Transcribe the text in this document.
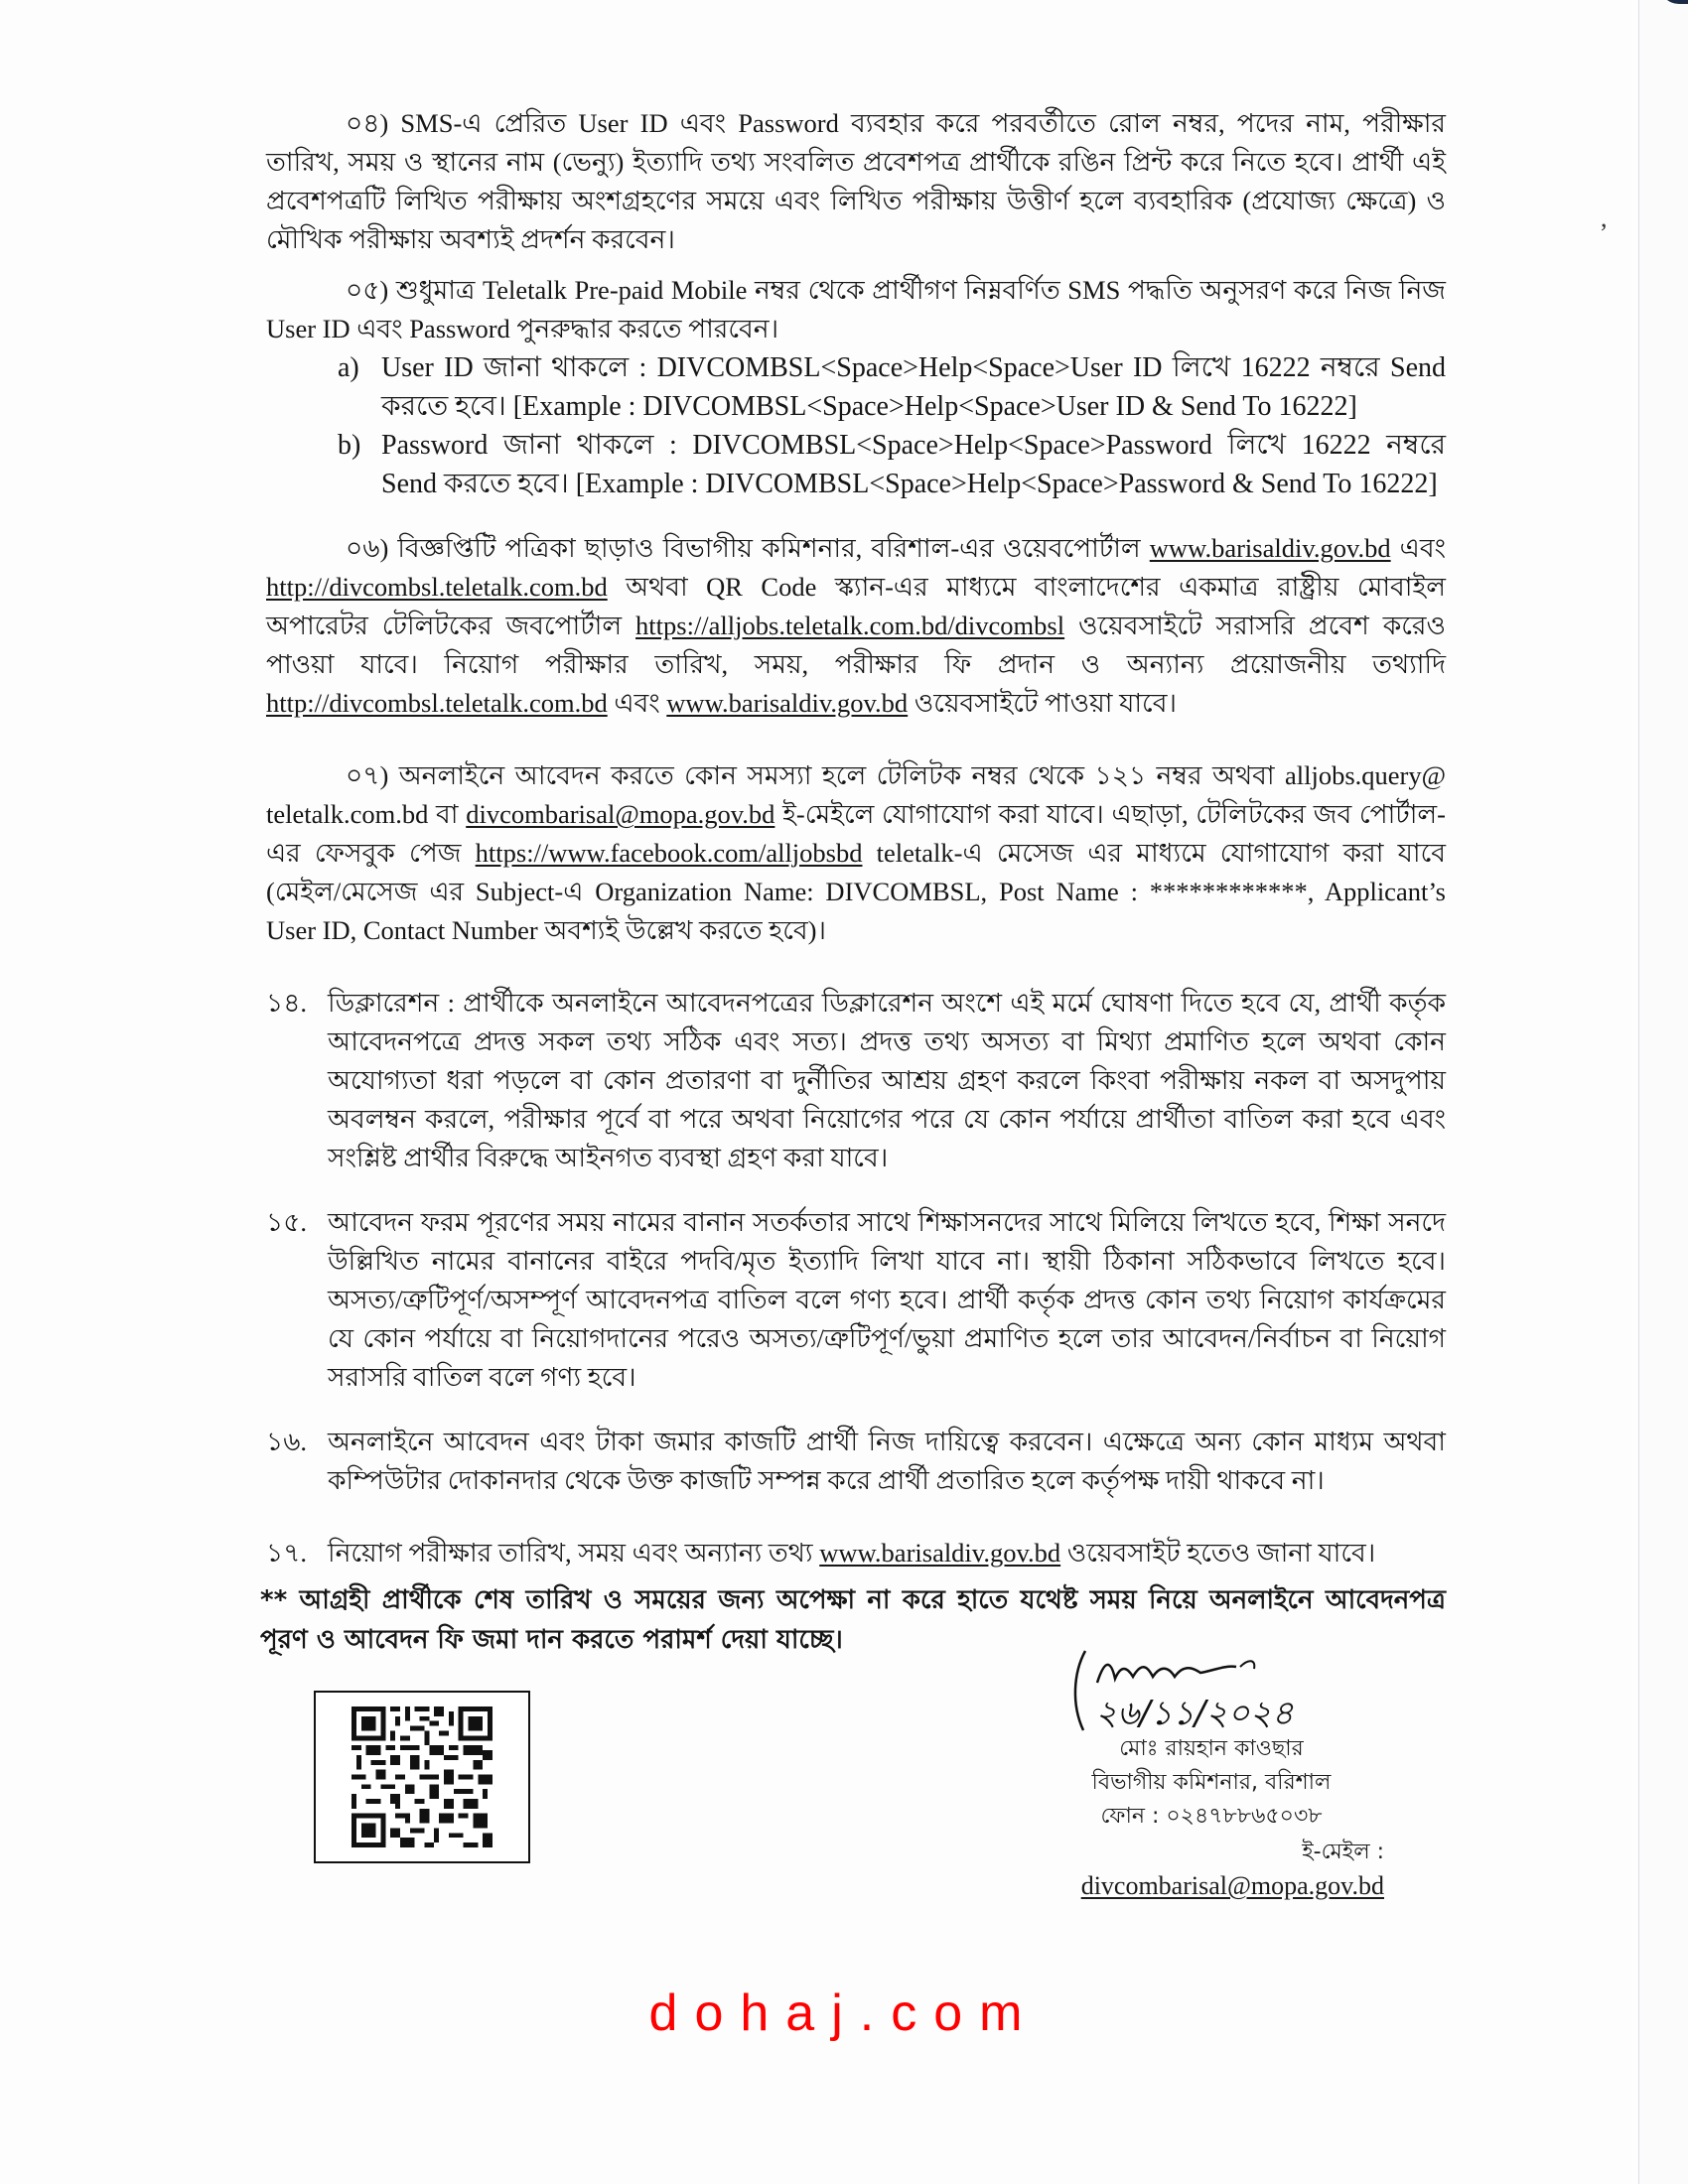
,

০৪) SMS-এ প্রেরিত User ID এবং Password ব্যবহার করে পরবর্তীতে রোল নম্বর, পদের নাম, পরীক্ষার তারিখ, সময় ও স্থানের নাম (ভেন্যু) ইত্যাদি তথ্য সংবলিত প্রবেশপত্র প্রার্থীকে রঙিন প্রিন্ট করে নিতে হবে। প্রার্থী এই প্রবেশপত্রটি লিখিত পরীক্ষায় অংশগ্রহণের সময়ে এবং লিখিত পরীক্ষায় উত্তীর্ণ হলে ব্যবহারিক (প্রযোজ্য ক্ষেত্রে) ও মৌখিক পরীক্ষায় অবশ্যই প্রদর্শন করবেন।

০৫) শুধুমাত্র Teletalk Pre-paid Mobile নম্বর থেকে প্রার্থীগণ নিম্নবর্ণিত SMS পদ্ধতি অনুসরণ করে নিজ নিজ User ID এবং Password পুনরুদ্ধার করতে পারবেন।

a) User ID জানা থাকলে : DIVCOMBSL<Space>Help<Space>User ID লিখে 16222 নম্বরে Send করতে হবে। [Example : DIVCOMBSL<Space>Help<Space>User ID & Send To 16222]
b) Password জানা থাকলে : DIVCOMBSL<Space>Help<Space>Password লিখে 16222 নম্বরে Send করতে হবে। [Example : DIVCOMBSL<Space>Help<Space>Password & Send To 16222]

০৬) বিজ্ঞপ্তিটি পত্রিকা ছাড়াও বিভাগীয় কমিশনার, বরিশাল-এর ওয়েবপোর্টাল www.barisaldiv.gov.bd এবং http://divcombsl.teletalk.com.bd অথবা QR Code স্ক্যান-এর মাধ্যমে বাংলাদেশের একমাত্র রাষ্ট্রীয় মোবাইল অপারেটর টেলিটকের জবপোর্টাল https://alljobs.teletalk.com.bd/divcombsl ওয়েবসাইটে সরাসরি প্রবেশ করেও পাওয়া যাবে। নিয়োগ পরীক্ষার তারিখ, সময়, পরীক্ষার ফি প্রদান ও অন্যান্য প্রয়োজনীয় তথ্যাদি http://divcombsl.teletalk.com.bd এবং www.barisaldiv.gov.bd ওয়েবসাইটে পাওয়া যাবে।

০৭) অনলাইনে আবেদন করতে কোন সমস্যা হলে টেলিটক নম্বর থেকে ১২১ নম্বর অথবা alljobs.query@ teletalk.com.bd বা divcombarisal@mopa.gov.bd ই-মেইলে যোগাযোগ করা যাবে। এছাড়া, টেলিটকের জব পোর্টাল-এর ফেসবুক পেজ https://www.facebook.com/alljobsbd teletalk-এ মেসেজ এর মাধ্যমে যোগাযোগ করা যাবে (মেইল/মেসেজ এর Subject-এ Organization Name: DIVCOMBSL, Post Name : ************, Applicant’s User ID, Contact Number অবশ্যই উল্লেখ করতে হবে)।

১৪. ডিক্লারেশন : প্রার্থীকে অনলাইনে আবেদনপত্রের ডিক্লারেশন অংশে এই মর্মে ঘোষণা দিতে হবে যে, প্রার্থী কর্তৃক আবেদনপত্রে প্রদত্ত সকল তথ্য সঠিক এবং সত্য। প্রদত্ত তথ্য অসত্য বা মিথ্যা প্রমাণিত হলে অথবা কোন অযোগ্যতা ধরা পড়লে বা কোন প্রতারণা বা দুর্নীতির আশ্রয় গ্রহণ করলে কিংবা পরীক্ষায় নকল বা অসদুপায় অবলম্বন করলে, পরীক্ষার পূর্বে বা পরে অথবা নিয়োগের পরে যে কোন পর্যায়ে প্রার্থীতা বাতিল করা হবে এবং সংশ্লিষ্ট প্রার্থীর বিরুদ্ধে আইনগত ব্যবস্থা গ্রহণ করা যাবে।
১৫. আবেদন ফরম পূরণের সময় নামের বানান সতর্কতার সাথে শিক্ষাসনদের সাথে মিলিয়ে লিখতে হবে, শিক্ষা সনদে উল্লিখিত নামের বানানের বাইরে পদবি/মৃত ইত্যাদি লিখা যাবে না। স্থায়ী ঠিকানা সঠিকভাবে লিখতে হবে। অসত্য/ত্রুটিপূর্ণ/অসম্পূর্ণ আবেদনপত্র বাতিল বলে গণ্য হবে। প্রার্থী কর্তৃক প্রদত্ত কোন তথ্য নিয়োগ কার্যক্রমের যে কোন পর্যায়ে বা নিয়োগদানের পরেও অসত্য/ত্রুটিপূর্ণ/ভুয়া প্রমাণিত হলে তার আবেদন/নির্বাচন বা নিয়োগ সরাসরি বাতিল বলে গণ্য হবে।
১৬. অনলাইনে আবেদন এবং টাকা জমার কাজটি প্রার্থী নিজ দায়িত্বে করবেন। এক্ষেত্রে অন্য কোন মাধ্যম অথবা কম্পিউটার দোকানদার থেকে উক্ত কাজটি সম্পন্ন করে প্রার্থী প্রতারিত হলে কর্তৃপক্ষ দায়ী থাকবে না।
১৭. নিয়োগ পরীক্ষার তারিখ, সময় এবং অন্যান্য তথ্য www.barisaldiv.gov.bd ওয়েবসাইট হতেও জানা যাবে।

** আগ্রহী প্রার্থীকে শেষ তারিখ ও সময়ের জন্য অপেক্ষা না করে হাতে যথেষ্ট সময় নিয়ে অনলাইনে আবেদনপত্র পূরণ ও আবেদন ফি জমা দান করতে পরামর্শ দেয়া যাচ্ছে।

২৬/১১/২০২৪
মোঃ রায়হান কাওছার
বিভাগীয় কমিশনার, বরিশাল
ফোন : ০২৪৭৮৮৬৫০৩৮
ই-মেইল : divcombarisal@mopa.gov.bd
dohaj.com
